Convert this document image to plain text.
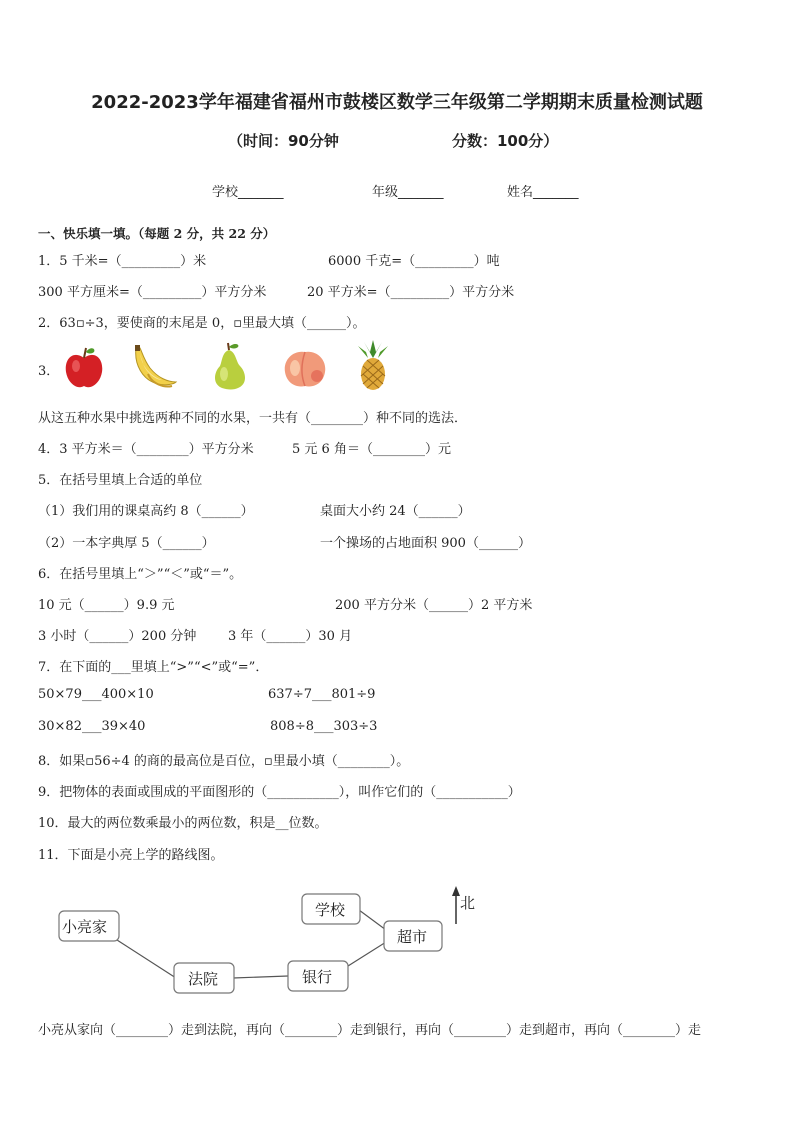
2022-2023学年福建省福州市鼓楼区数学三年级第二学期期末质量检测试题
（时间：90分钟	分数：100分）
学校_______	年级_______	姓名_______
一、快乐填一填。（每题 2 分，共 22 分）
1．5 千米=（_________）米	6000 千克=（_________）吨
300 平方厘米=（_________）平方分米	20 平方米=（_________）平方分米
2．63▫÷3，要使商的末尾是 0，▫里最大填（______）。
3．
从这五种水果中挑选两种不同的水果，一共有（________）种不同的选法．
4．3 平方米＝（________）平方分米	5 元 6 角＝（________）元
5．在括号里填上合适的单位
（1）我们用的课桌高约 8（______）	桌面大小约 24（______）
（2）一本字典厚 5（______）	一个操场的占地面积 900（______）
6．在括号里填上“＞”“＜”或“＝”。
10 元（______）9.9 元	200 平方分米（______）2 平方米
3 小时（______）200 分钟 3 年（______）30 月
7．在下面的___里填上“>”“<”或“=”．
50×79___400×10	637÷7___801÷9
30×82___39×40	808÷8___303÷3
8．如果▫56÷4 的商的最高位是百位，▫里最小填（________）。
9．把物体的表面或围成的平面图形的（___________），叫作它们的（___________）
10．最大的两位数乘最小的两位数，积是__位数。
11．下面是小亮上学的路线图。
小亮家
法院	银行
学校
超市
北
小亮从家向（________）走到法院，再向（________）走到银行，再向（________）走到超市，再向（________）走
